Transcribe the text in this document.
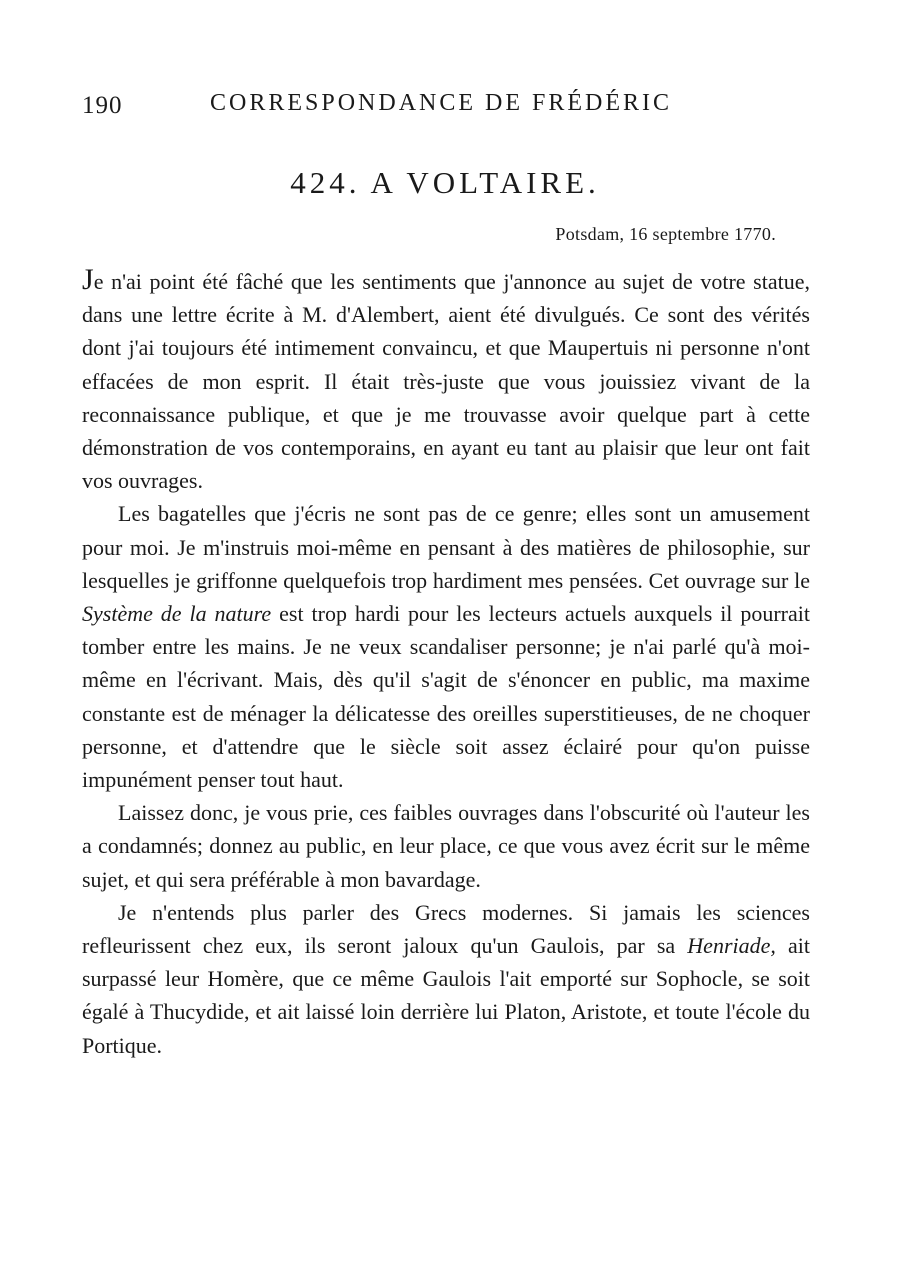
190	CORRESPONDANCE DE FRÉDÉRIC
424. A VOLTAIRE.
Potsdam, 16 septembre 1770.

Je n'ai point été fâché que les sentiments que j'annonce au sujet de votre statue, dans une lettre écrite à M. d'Alembert, aient été divulgués. Ce sont des vérités dont j'ai toujours été intimement convaincu, et que Maupertuis ni personne n'ont effacées de mon esprit. Il était très-juste que vous jouissiez vivant de la reconnaissance publique, et que je me trouvasse avoir quelque part à cette démonstration de vos contemporains, en ayant eu tant au plaisir que leur ont fait vos ouvrages.

Les bagatelles que j'écris ne sont pas de ce genre; elles sont un amusement pour moi. Je m'instruis moi-même en pensant à des matières de philosophie, sur lesquelles je griffonne quelquefois trop hardiment mes pensées. Cet ouvrage sur le Système de la nature est trop hardi pour les lecteurs actuels auxquels il pourrait tomber entre les mains. Je ne veux scandaliser personne; je n'ai parlé qu'à moi-même en l'écrivant. Mais, dès qu'il s'agit de s'énoncer en public, ma maxime constante est de ménager la délicatesse des oreilles superstitieuses, de ne choquer personne, et d'attendre que le siècle soit assez éclairé pour qu'on puisse impunément penser tout haut.

Laissez donc, je vous prie, ces faibles ouvrages dans l'obscurité où l'auteur les a condamnés; donnez au public, en leur place, ce que vous avez écrit sur le même sujet, et qui sera préférable à mon bavardage.

Je n'entends plus parler des Grecs modernes. Si jamais les sciences refleurissent chez eux, ils seront jaloux qu'un Gaulois, par sa Henriade, ait surpassé leur Homère, que ce même Gaulois l'ait emporté sur Sophocle, se soit égalé à Thucydide, et ait laissé loin derrière lui Platon, Aristote, et toute l'école du Portique.
